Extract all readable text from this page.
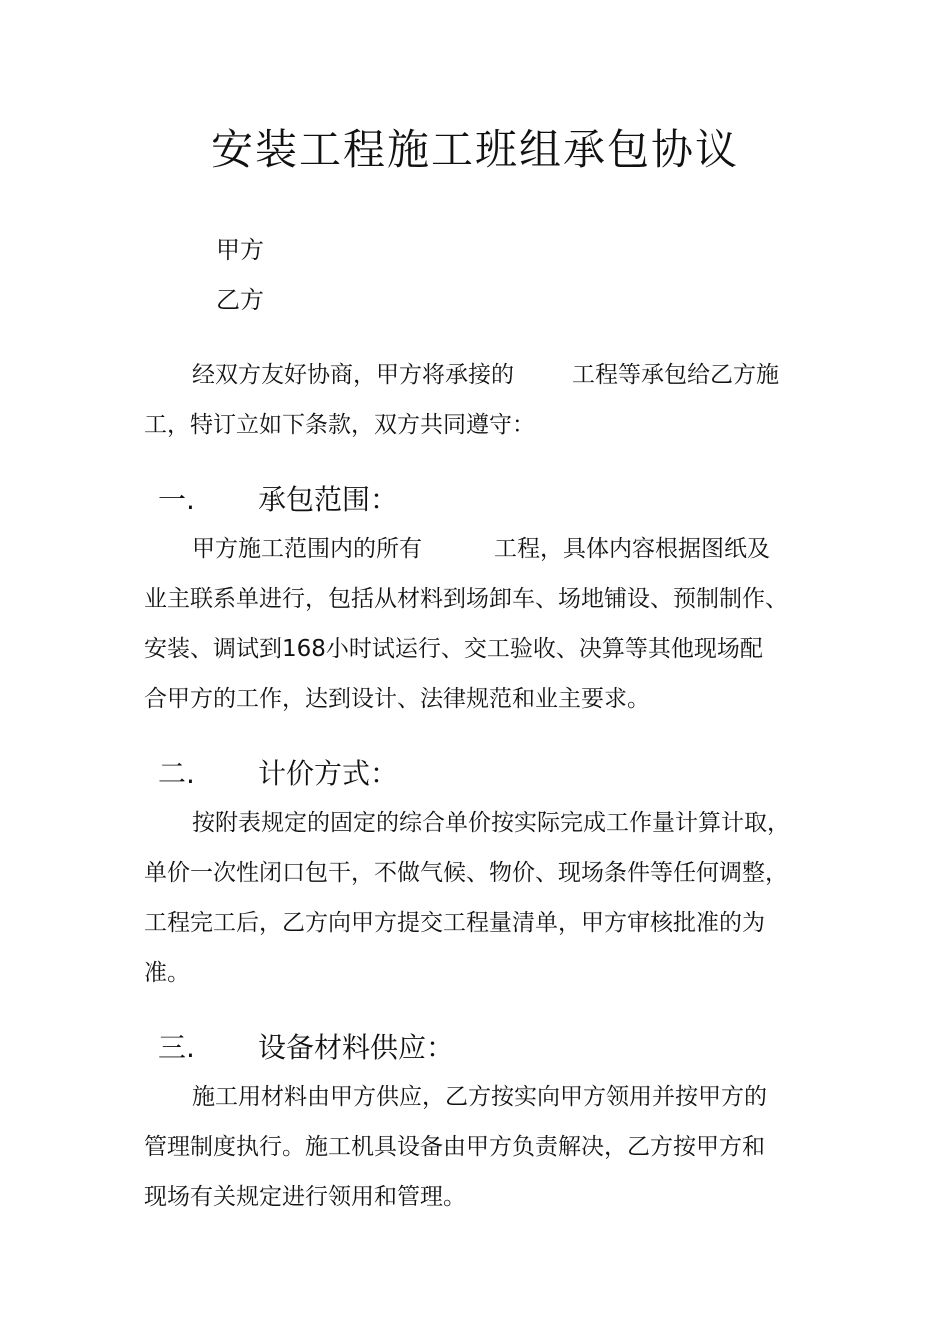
安装工程施工班组承包协议
甲方
乙方
经双方友好协商，甲方将承接的	工程等承包给乙方施
工，特订立如下条款，双方共同遵守：
一. 承包范围：
甲方施工范围内的所有	工程，具体内容根据图纸及
业主联系单进行，包括从材料到场卸车、场地铺设、预制制作、
安装、调试到168小时试运行、交工验收、决算等其他现场配
合甲方的工作，达到设计、法律规范和业主要求。
二. 计价方式：
按附表规定的固定的综合单价按实际完成工作量计算计取，
单价一次性闭口包干，不做气候、物价、现场条件等任何调整，
工程完工后，乙方向甲方提交工程量清单，甲方审核批准的为
准。
三. 设备材料供应：
施工用材料由甲方供应，乙方按实向甲方领用并按甲方的
管理制度执行。施工机具设备由甲方负责解决，乙方按甲方和
现场有关规定进行领用和管理。
